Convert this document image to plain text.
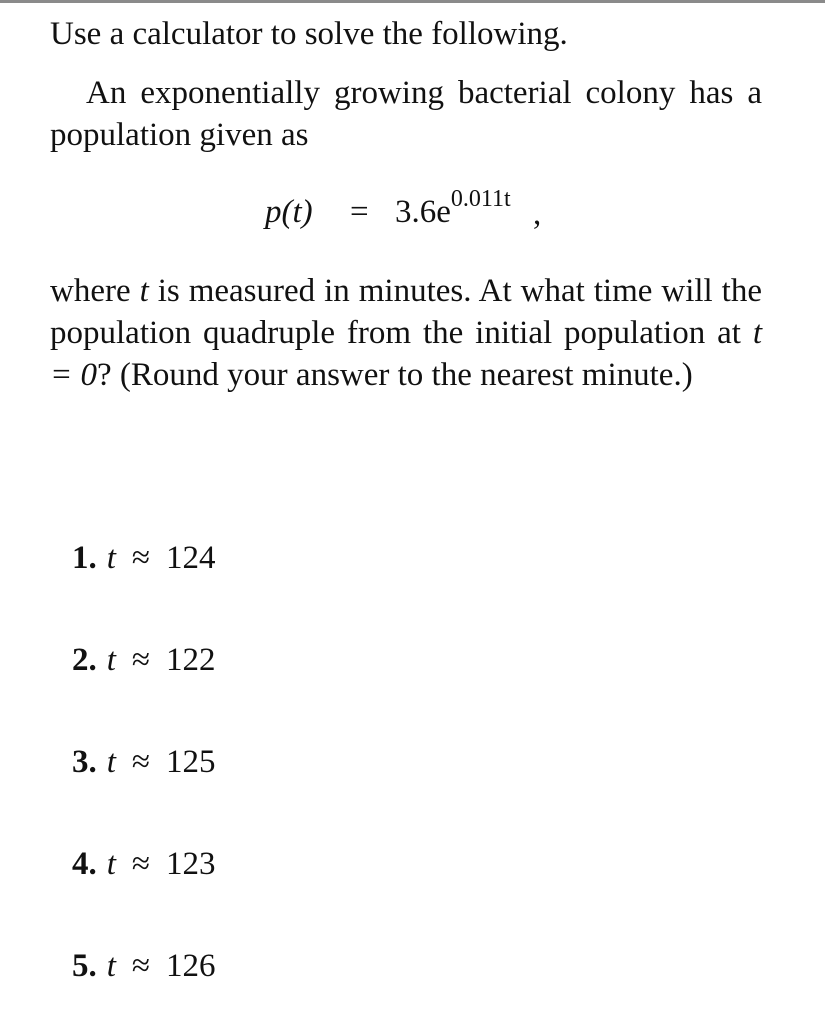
Use a calculator to solve the following.

An exponentially growing bacterial colony has a population given as

$p(t) = 3.6e^{0.011t}$ ,
where t is measured in minutes. At what time will the population quadruple from the initial population at t = 0? (Round your answer to the nearest minute.)
1. t ≈ 124
2. t ≈ 122
3. t ≈ 125
4. t ≈ 123
5. t ≈ 126
